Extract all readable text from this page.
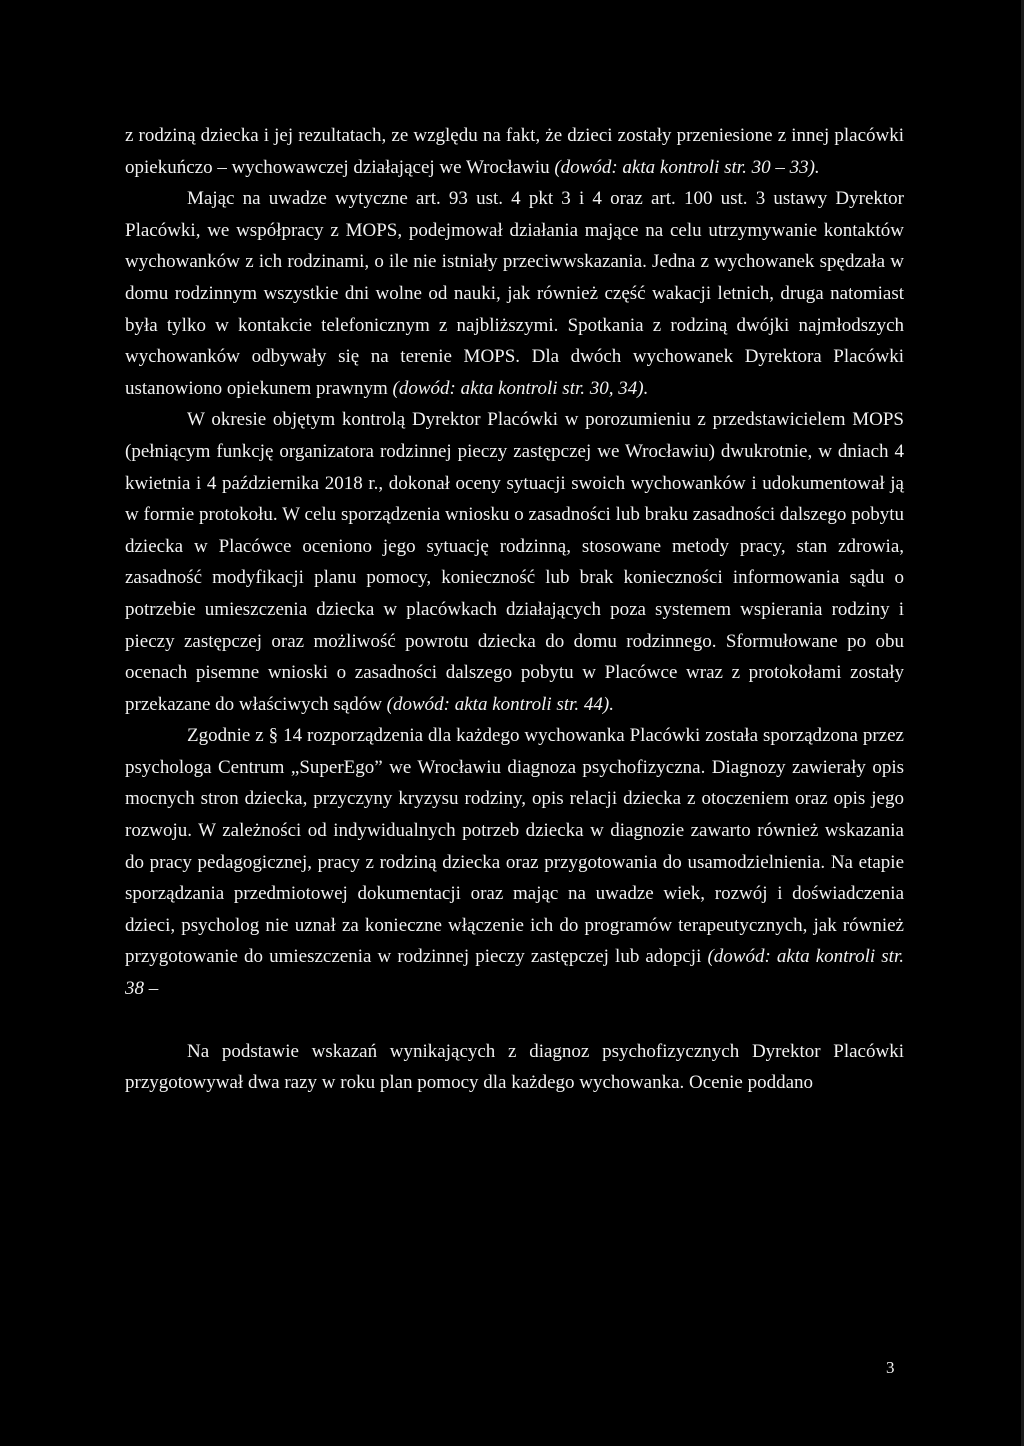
z rodziną dziecka i jej rezultatach, ze względu na fakt, że dzieci zostały przeniesione z innej placówki opiekuńczo – wychowawczej działającej we Wrocławiu (dowód: akta kontroli str. 30 – 33).

Mając na uwadze wytyczne art. 93 ust. 4 pkt 3 i 4 oraz art. 100 ust. 3 ustawy Dyrektor Placówki, we współpracy z MOPS, podejmował działania mające na celu utrzymywanie kontaktów wychowanków z ich rodzinami, o ile nie istniały przeciwwskazania. Jedna z wychowanek spędzała w domu rodzinnym wszystkie dni wolne od nauki, jak również część wakacji letnich, druga natomiast była tylko w kontakcie telefonicznym z najbliższymi. Spotkania z rodziną dwójki najmłodszych wychowanków odbywały się na terenie MOPS. Dla dwóch wychowanek Dyrektora Placówki ustanowiono opiekunem prawnym (dowód: akta kontroli str. 30, 34).

W okresie objętym kontrolą Dyrektor Placówki w porozumieniu z przedstawicielem MOPS (pełniącym funkcję organizatora rodzinnej pieczy zastępczej we Wrocławiu) dwukrotnie, w dniach 4 kwietnia i 4 października 2018 r., dokonał oceny sytuacji swoich wychowanków i udokumentował ją w formie protokołu. W celu sporządzenia wniosku o zasadności lub braku zasadności dalszego pobytu dziecka w Placówce oceniono jego sytuację rodzinną, stosowane metody pracy, stan zdrowia, zasadność modyfikacji planu pomocy, konieczność lub brak konieczności informowania sądu o potrzebie umieszczenia dziecka w placówkach działających poza systemem wspierania rodziny i pieczy zastępczej oraz możliwość powrotu dziecka do domu rodzinnego. Sformułowane po obu ocenach pisemne wnioski o zasadności dalszego pobytu w Placówce wraz z protokołami zostały przekazane do właściwych sądów (dowód: akta kontroli str. 44).

Zgodnie z § 14 rozporządzenia dla każdego wychowanka Placówki została sporządzona przez psychologa Centrum „SuperEgo” we Wrocławiu diagnoza psychofizyczna. Diagnozy zawierały opis mocnych stron dziecka, przyczyny kryzysu rodziny, opis relacji dziecka z otoczeniem oraz opis jego rozwoju. W zależności od indywidualnych potrzeb dziecka w diagnozie zawarto również wskazania do pracy pedagogicznej, pracy z rodziną dziecka oraz przygotowania do usamodzielnienia. Na etapie sporządzania przedmiotowej dokumentacji oraz mając na uwadze wiek, rozwój i doświadczenia dzieci, psycholog nie uznał za konieczne włączenie ich do programów terapeutycznych, jak również przygotowanie do umieszczenia w rodzinnej pieczy zastępczej lub adopcji (dowód: akta kontroli str. 38 –

Na podstawie wskazań wynikających z diagnoz psychofizycznych Dyrektor Placówki przygotowywał dwa razy w roku plan pomocy dla każdego wychowanka. Ocenie poddano

3
